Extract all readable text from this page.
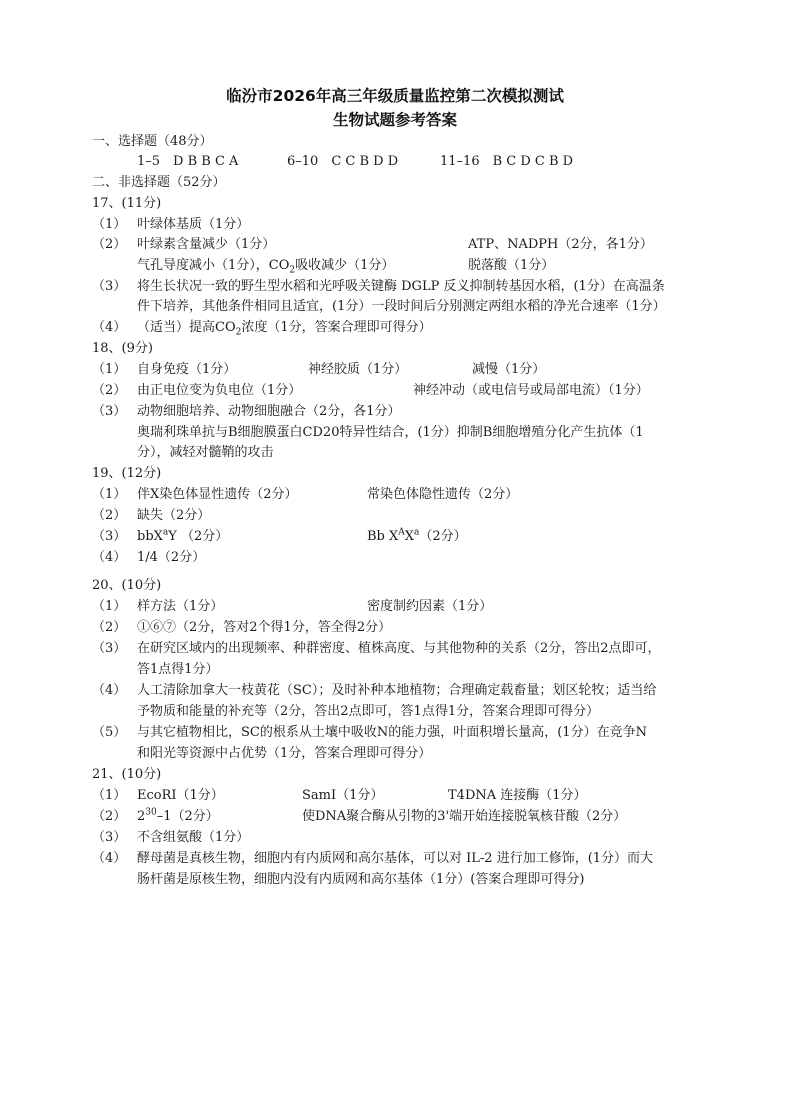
临汾市2026年高三年级质量监控第二次模拟测试
生物试题参考答案
一、选择题（48分）
1–5　D B B C A	6–10　C C B D D	11–16　B C D C B D
二、非选择题（52分）
17、(11分)
（1） 叶绿体基质（1分）
（2） 叶绿素含量减少（1分）	ATP、NADPH（2分，各1分）
气孔导度减小（1分），$CO_2$吸收减少（1分）	脱落酸（1分）
（3） 将生长状况一致的野生型水稻和光呼吸关键酶 DGLP 反义抑制转基因水稻，(1分）在高温条
件下培养，其他条件相同且适宜，(1分）一段时间后分别测定两组水稻的净光合速率（1分）
（4） （适当）提高$CO_2$浓度（1分，答案合理即可得分）
18、(9分)
（1） 自身免疫（1分）	神经胶质（1分）	减慢（1分）
（2） 由正电位变为负电位（1分）	神经冲动（或电信号或局部电流）（1分）
（3） 动物细胞培养、动物细胞融合（2分，各1分）
奥瑞利珠单抗与B细胞膜蛋白CD20特异性结合，(1分）抑制B细胞增殖分化产生抗体（1
分），减轻对髓鞘的攻击
19、(12分)
（1） 伴X染色体显性遗传（2分）	常染色体隐性遗传（2分）
（2） 缺失（2分）
（3） bbX$^a$Y （2分）	Bb $X^AX^a(2$分）
（4） 1/4（2分）
20、(10分)
（1） 样方法（1分）	密度制约因素（1分）
（2） ①⑥⑦（2分，答对2个得1分，答全得2分）
（3） 在研究区域内的出现频率、种群密度、植株高度、与其他物种的关系（2分，答出2点即可，
答1点得1分）
（4） 人工清除加拿大一枝黄花（SC）；及时补种本地植物；合理确定载畜量；划区轮牧；适当给
予物质和能量的补充等（2分，答出2点即可，答1点得1分，答案合理即可得分）
（5） 与其它植物相比，SC的根系从土壤中吸收N的能力强，叶面积增长量高，(1分）在竞争N
和阳光等资源中占优势（1分，答案合理即可得分）
21、(10分)
（1） EcoRI（1分）	SamI（1分）	T4DNA 连接酶（1分）
（2） $2^{30}-1(2$分）	使DNA聚合酶从引物的3'端开始连接脱氧核苷酸（2分）
（3） 不含组氨酸（1分）
（4） 酵母菌是真核生物，细胞内有内质网和高尔基体，可以对 IL-2 进行加工修饰，(1分）而大
肠杆菌是原核生物，细胞内没有内质网和高尔基体（1分）(答案合理即可得分)
